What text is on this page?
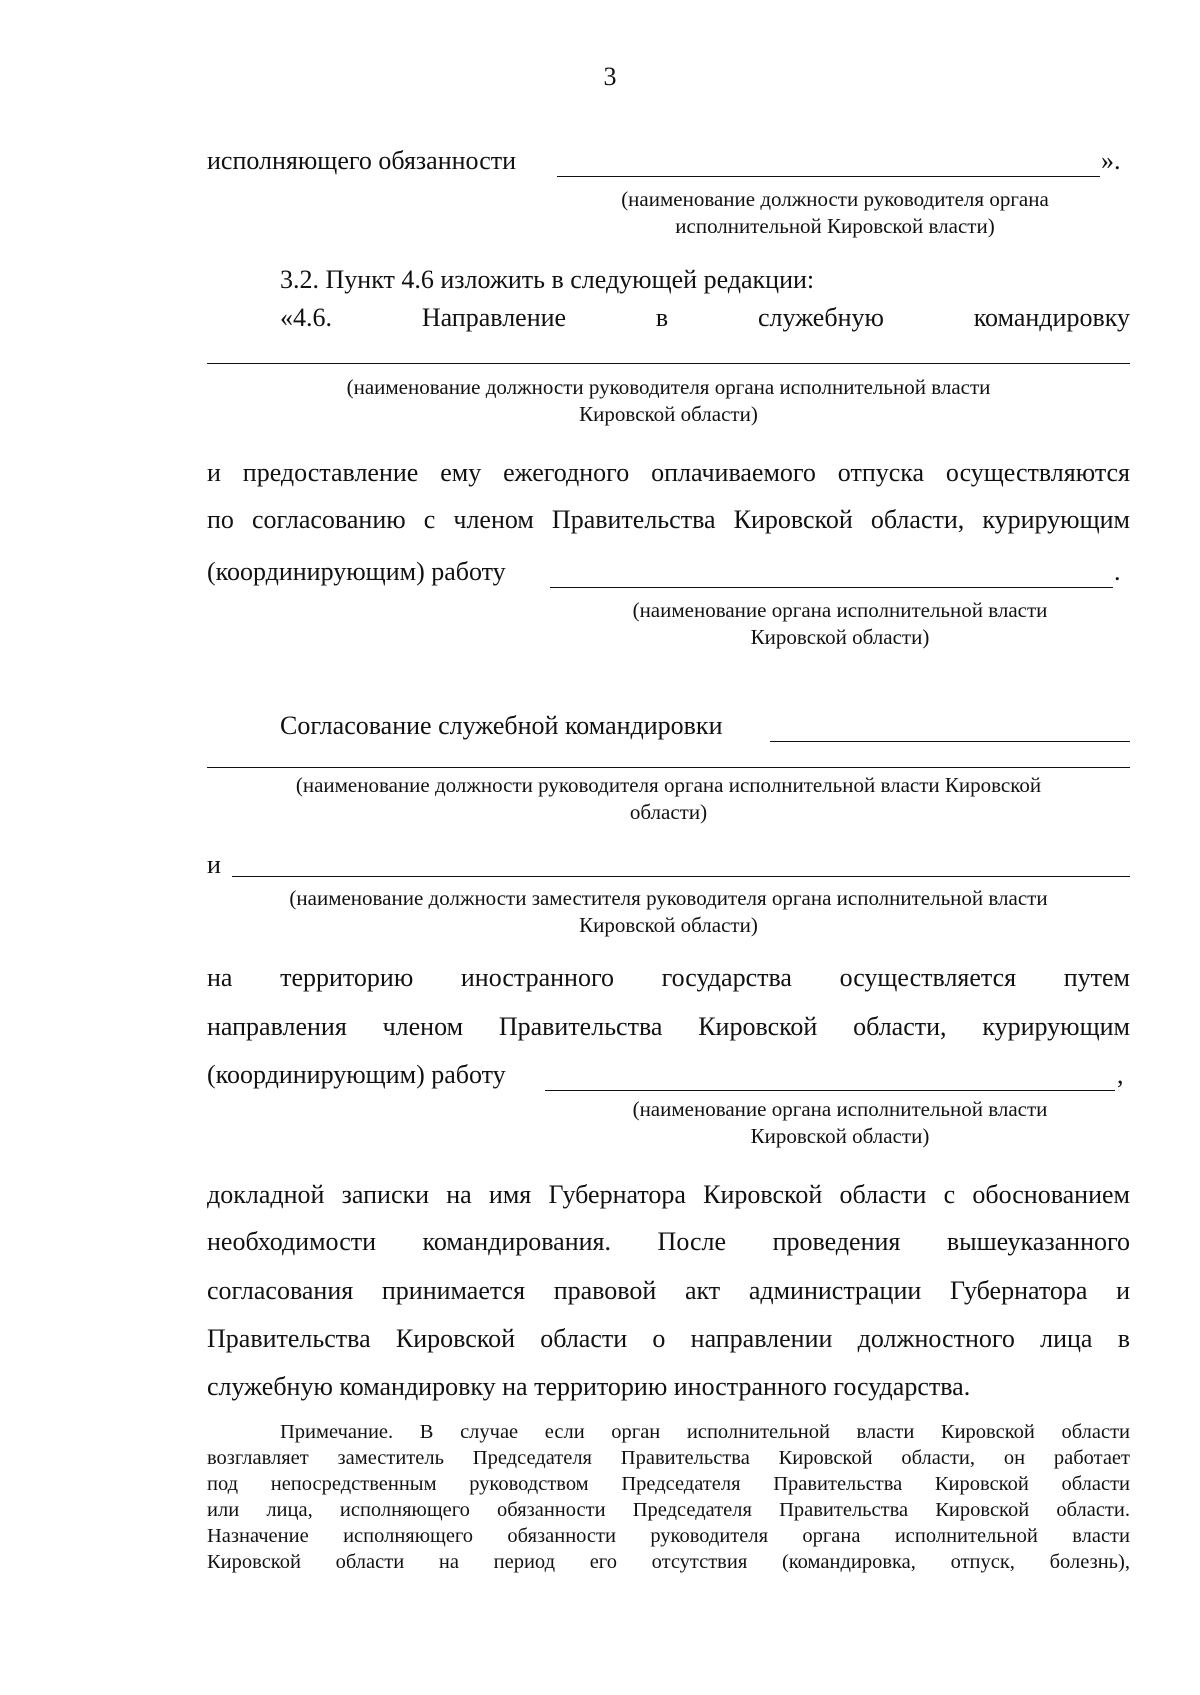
3
исполняющего обязанности	».
(наименование должности руководителя органа
исполнительной Кировской власти)
3.2. Пункт 4.6 изложить в следующей редакции:
«4.6.	Направление	в	служебную	командировку
(наименование должности руководителя органа исполнительной власти
Кировской области)
и предоставление ему ежегодного оплачиваемого отпуска осуществляются
по согласованию с членом Правительства Кировской области, курирующим
(координирующим) работу	.
(наименование органа исполнительной власти
Кировской области)
Согласование служебной командировки
(наименование должности руководителя органа исполнительной власти Кировской
области)
и
(наименование должности заместителя руководителя органа исполнительной власти
Кировской области)
на территорию иностранного государства осуществляется путем
направления членом Правительства Кировской области, курирующим
(координирующим) работу	,
(наименование органа исполнительной власти
Кировской области)
докладной записки на имя Губернатора Кировской области с обоснованием
необходимости командирования. После проведения вышеуказанного
согласования принимается правовой акт администрации Губернатора и
Правительства Кировской области о направлении должностного лица в
служебную командировку на территорию иностранного государства.
Примечание. В случае если орган исполнительной власти Кировской области
возглавляет заместитель Председателя Правительства Кировской области, он работает
под непосредственным руководством Председателя Правительства Кировской области
или лица, исполняющего обязанности Председателя Правительства Кировской области.
Назначение исполняющего обязанности руководителя органа исполнительной власти
Кировской области на период его отсутствия (командировка, отпуск, болезнь),
